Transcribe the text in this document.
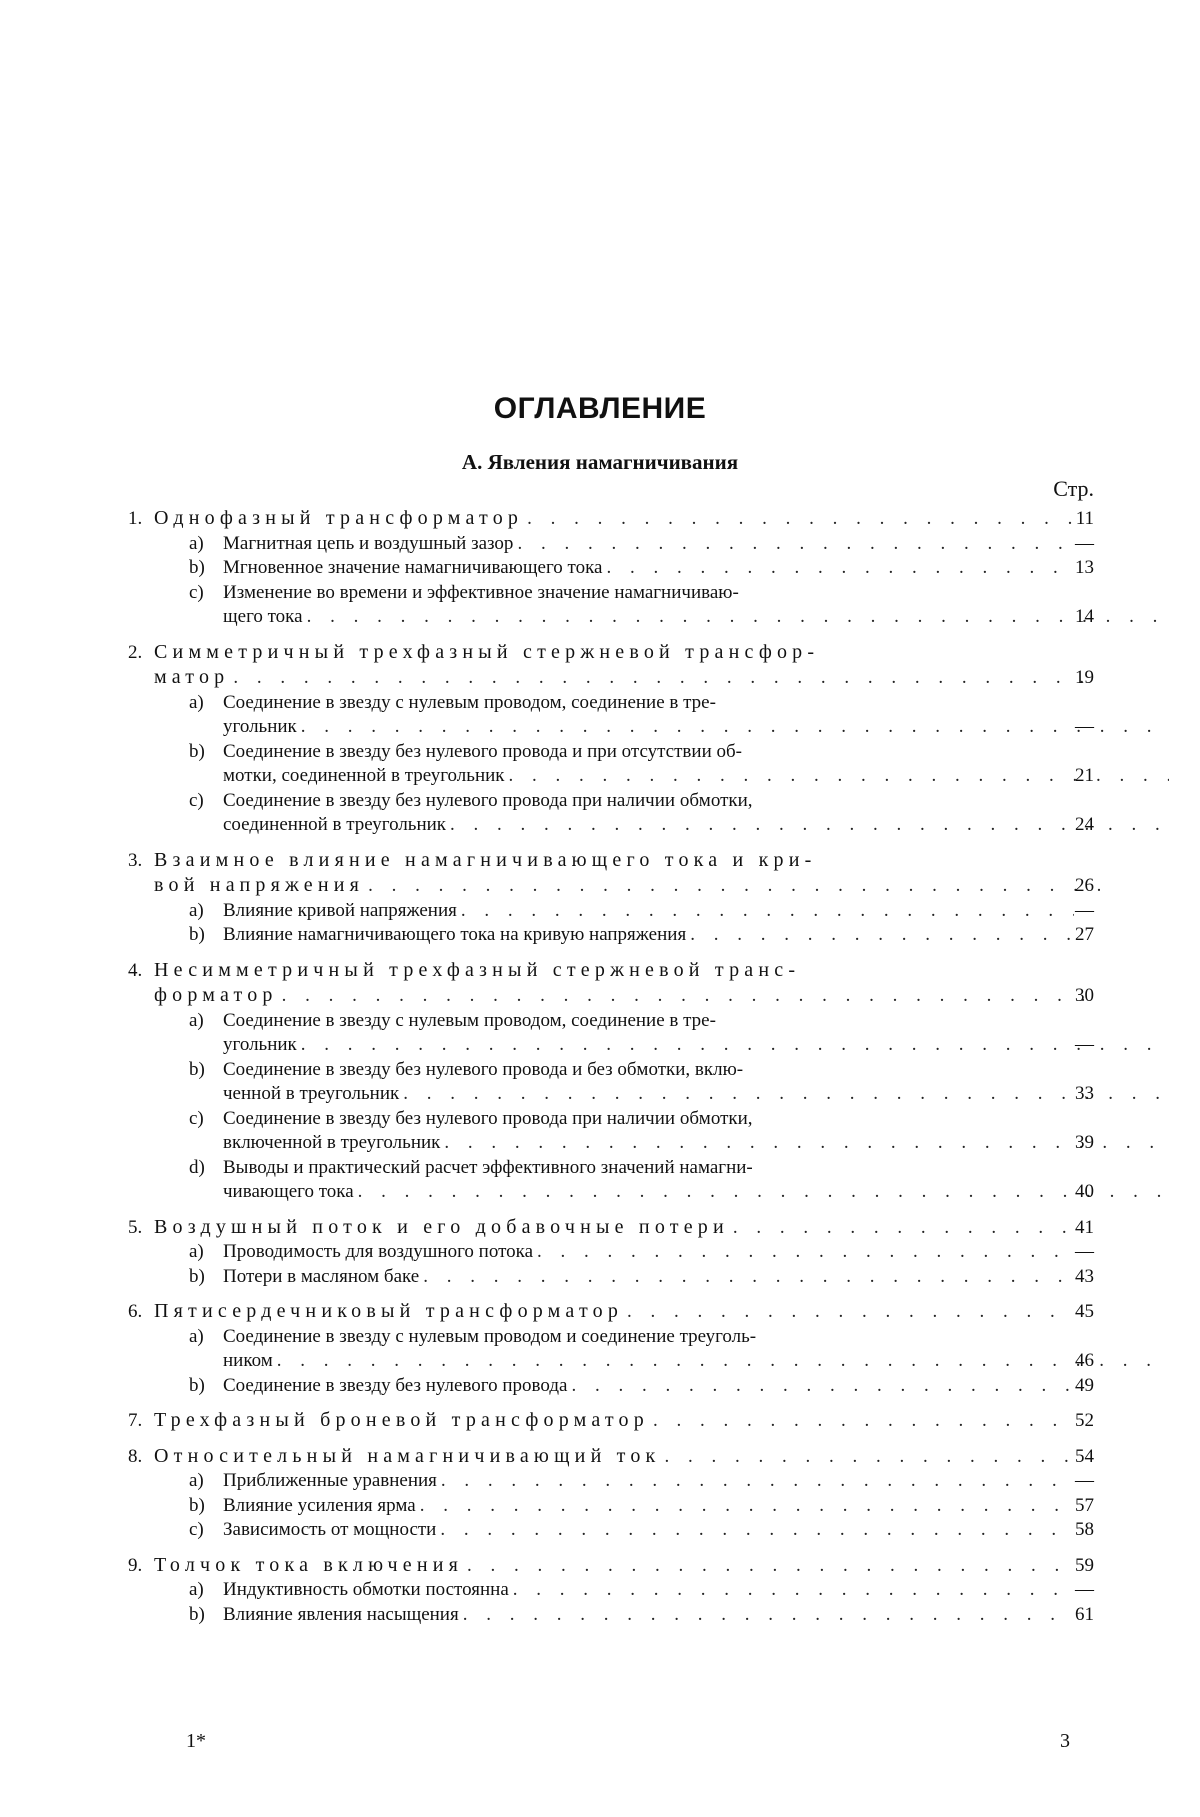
ОГЛАВЛЕНИЕ
А. Явления намагничивания
Стр.
1. Однофазный трансформатор . . .	11
a)	Магнитная цепь и воздушный зазор . . .	—
b) Мгновенное значение намагничивающего тока . . .	13
c)	Изменение во времени и эффективное значение намагничиваю-
щего тока . . .	14
2. Симметричный трехфазный стержневой трансфор-
матор . . .	19
a)	Соединение в звезду с нулевым проводом, соединение в тре-
угольник . . .	—
b) Соединение в звезду без нулевого провода и при отсутствии об-
мотки, соединенной в треугольник . . .	21
c)	Соединение в звезду без нулевого провода при наличии обмотки,
соединенной в треугольник . . .	24
3. Взаимное влияние намагничивающего тока и кри-
вой напряжения . . .	26
a)	Влияние кривой напряжения . . .	—
b) Влияние намагничивающего тока на кривую напряжения . . .	27
4. Несимметричный трехфазный стержневой транс-
форматор . . .	30
a)	Соединение в звезду с нулевым проводом, соединение в тре-
угольник . . .	—
b) Соединение в звезду без нулевого провода и без обмотки, вклю-
ченной в треугольник . . .	33
c)	Соединение в звезду без нулевого провода при наличии обмотки,
включенной в треугольник . . .	39
d) Выводы и практический расчет эффективного значений намагни-
чивающего тока . . .	40
5. Воздушный поток и его добавочные потери . . .	41
a)	Проводимость для воздушного потока . . .	—
b) Потери в масляном баке . . .	43
6. Пятисердечниковый трансформатор . . .	45
a)	Соединение в звезду с нулевым проводом и соединение треуголь-
ником . . .	46
b) Соединение в звезду без нулевого провода . . .	49
7. Трехфазный броневой трансформатор . . .	52
8. Относительный намагничивающий ток . . .	54
a)	Приближенные уравнения . . .	—
b) Влияние усиления ярма . . .	57
c)	Зависимость от мощности . . .	58
9. Толчок тока включения . . .	59
a)	Индуктивность обмотки постоянна . . .	—
b) Влияние явления насыщения . . .	61
1*	3
